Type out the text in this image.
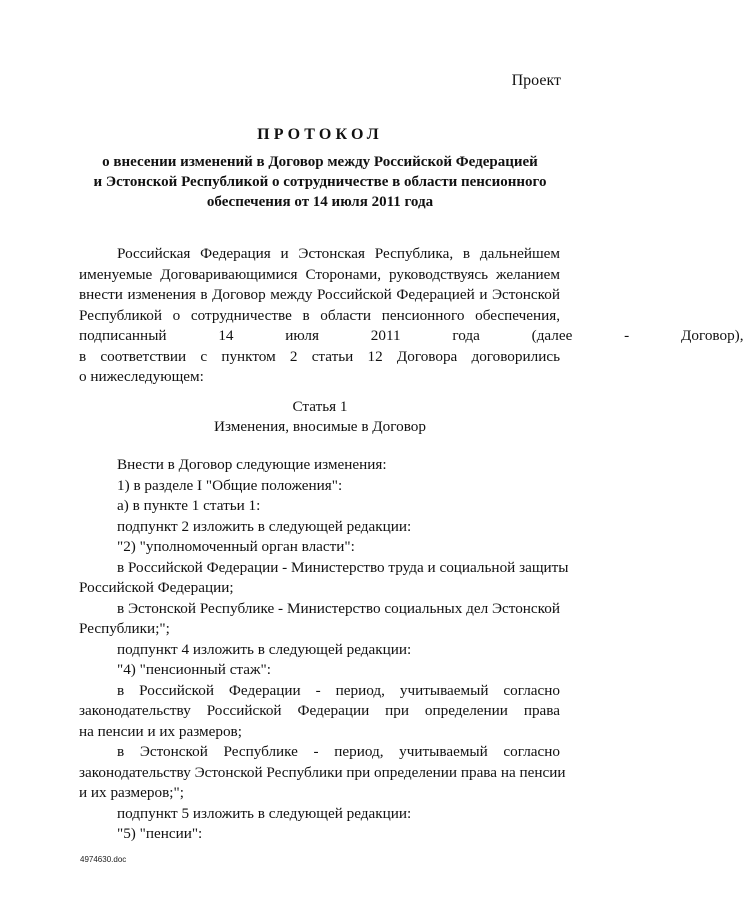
Проект
ПРОТОКОЛ
о внесении изменений в Договор между Российской Федерацией
и Эстонской Республикой о сотрудничестве в области пенсионного
обеспечения от 14 июля 2011 года
Российская Федерация и Эстонская Республика, в дальнейшем
именуемые Договаривающимися Сторонами, руководствуясь желанием
внести изменения в Договор между Российской Федерацией и Эстонской
Республикой о сотрудничестве в области пенсионного обеспечения,
подписанный 14 июля 2011 года (далее - Договор),
в соответствии с пунктом 2 статьи 12 Договора договорились
о нижеследующем:
Статья 1
Изменения, вносимые в Договор
Внести в Договор следующие изменения:
1) в разделе I "Общие положения":
а) в пункте 1 статьи 1:
подпункт 2 изложить в следующей редакции:
"2) "уполномоченный орган власти":
в Российской Федерации - Министерство труда и социальной защиты
Российской Федерации;
в Эстонской Республике - Министерство социальных дел Эстонской
Республики;";
подпункт 4 изложить в следующей редакции:
"4) "пенсионный стаж":
в Российской Федерации - период, учитываемый согласно
законодательству Российской Федерации при определении права
на пенсии и их размеров;
в Эстонской Республике - период, учитываемый согласно
законодательству Эстонской Республики при определении права на пенсии
и их размеров;";
подпункт 5 изложить в следующей редакции:
"5) "пенсии":
4974630.doc
